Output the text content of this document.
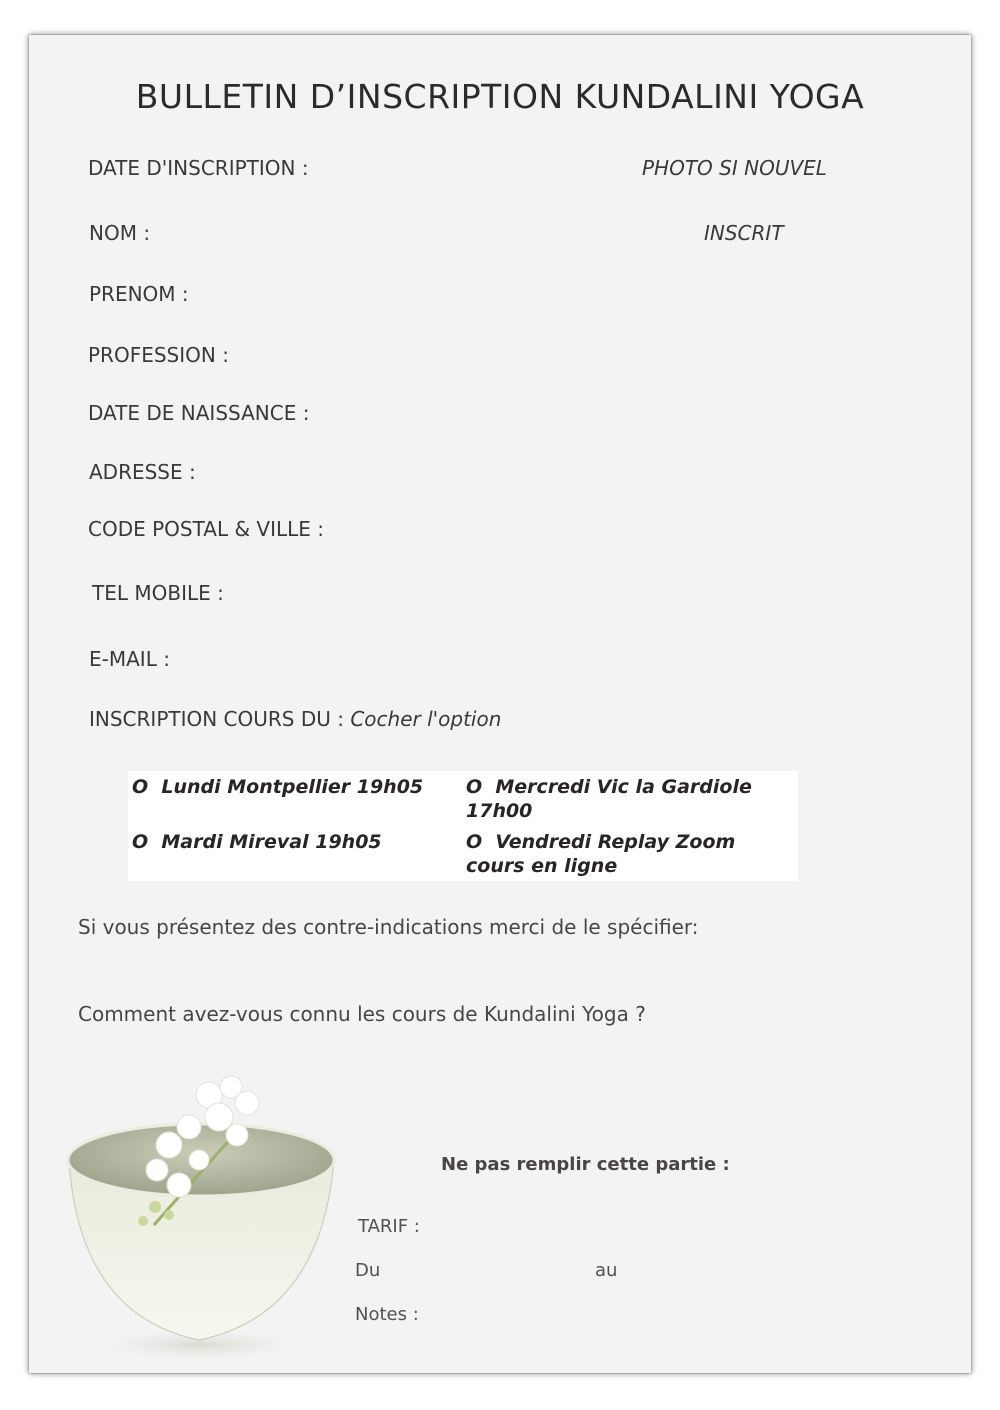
BULLETIN D’INSCRIPTION KUNDALINI YOGA
DATE D'INSCRIPTION :	PHOTO SI NOUVEL
NOM :	INSCRIT
PRENOM :
PROFESSION :
DATE DE NAISSANCE :
ADRESSE :
CODE POSTAL & VILLE :
TEL MOBILE :
E-MAIL :
INSCRIPTION COURS DU : Cocher l'option
O Lundi Montpellier 19h05 O Mercredi Vic la Gardiole
17h00
O Mardi Mireval 19h05	O Vendredi Replay Zoom
cours en ligne
Si vous présentez des contre-indications merci de le spécifier:
Comment avez-vous connu les cours de Kundalini Yoga ?
Ne pas remplir cette partie :
TARIF :
Du	au
Notes :
